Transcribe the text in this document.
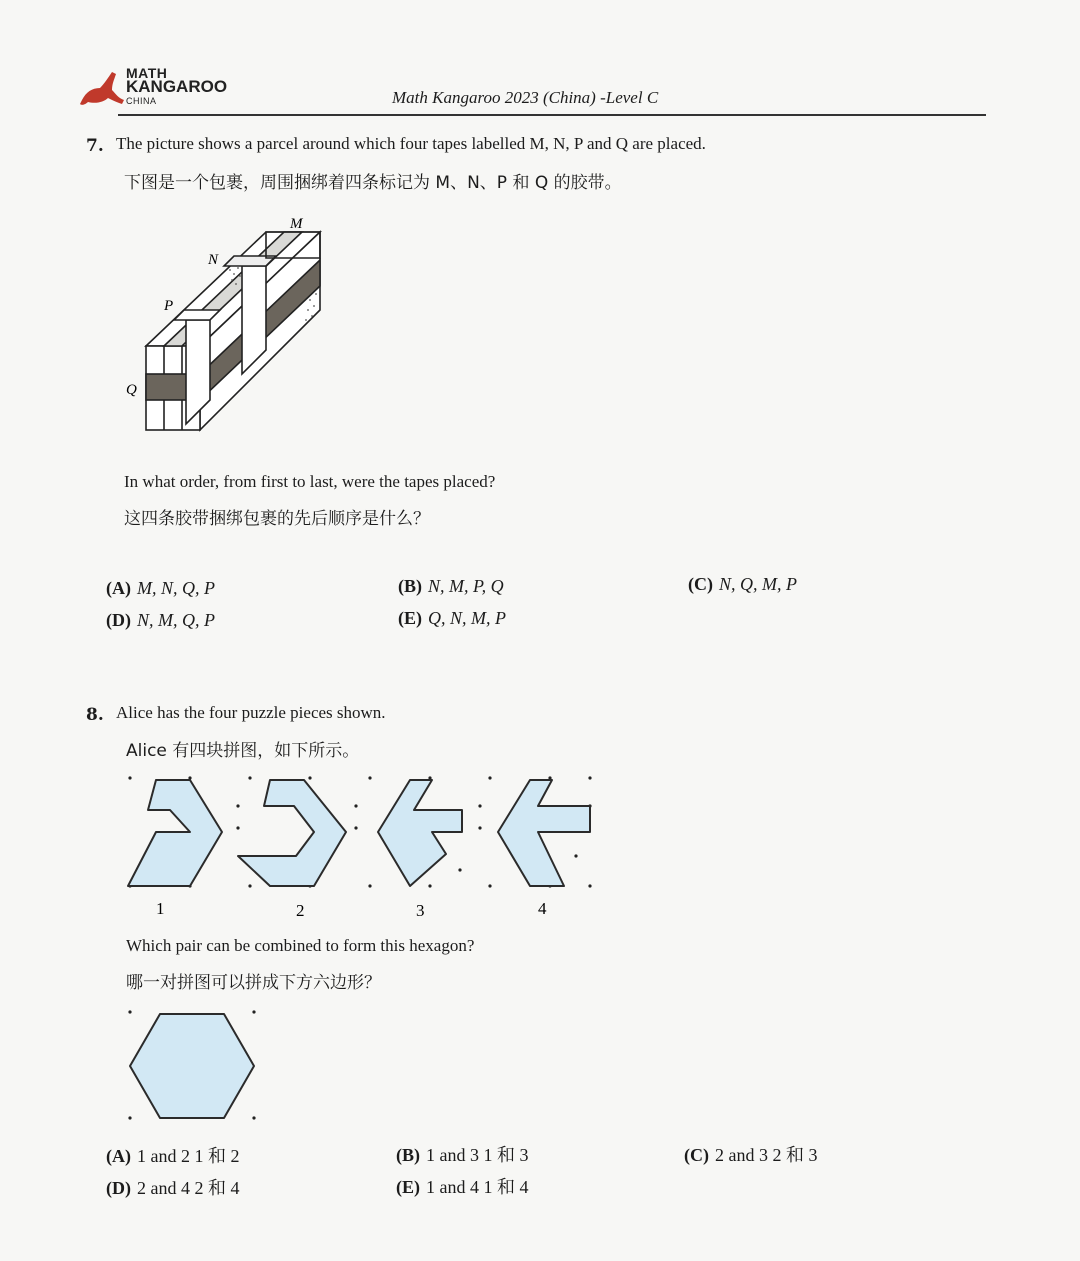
MATH
KANGAROO
CHINA	Math Kangaroo 2023 (China) -Level C
7. The picture shows a parcel around which four tapes labelled M, N, P and Q are placed.
下图是一个包裹，周围捆绑着四条标记为 M、N、P 和 Q 的胶带。
M
N
P
Q
In what order, from first to last, were the tapes placed?
这四条胶带捆绑包裹的先后顺序是什么？
(A) M, N, Q, P	(B) N, M, P, Q	(C) N, Q, M, P
(D) N, M, Q, P	(E) Q, N, M, P
8. Alice has the four puzzle pieces shown.
Alice 有四块拼图，如下所示。
1	2	3	4
Which pair can be combined to form this hexagon?
哪一对拼图可以拼成下方六边形？
(A) 1 and 2 1 和 2	(B) 1 and 3 1 和 3	(C) 2 and 3 2 和 3
(D) 2 and 4 2 和 4	(E) 1 and 4 1 和 4
